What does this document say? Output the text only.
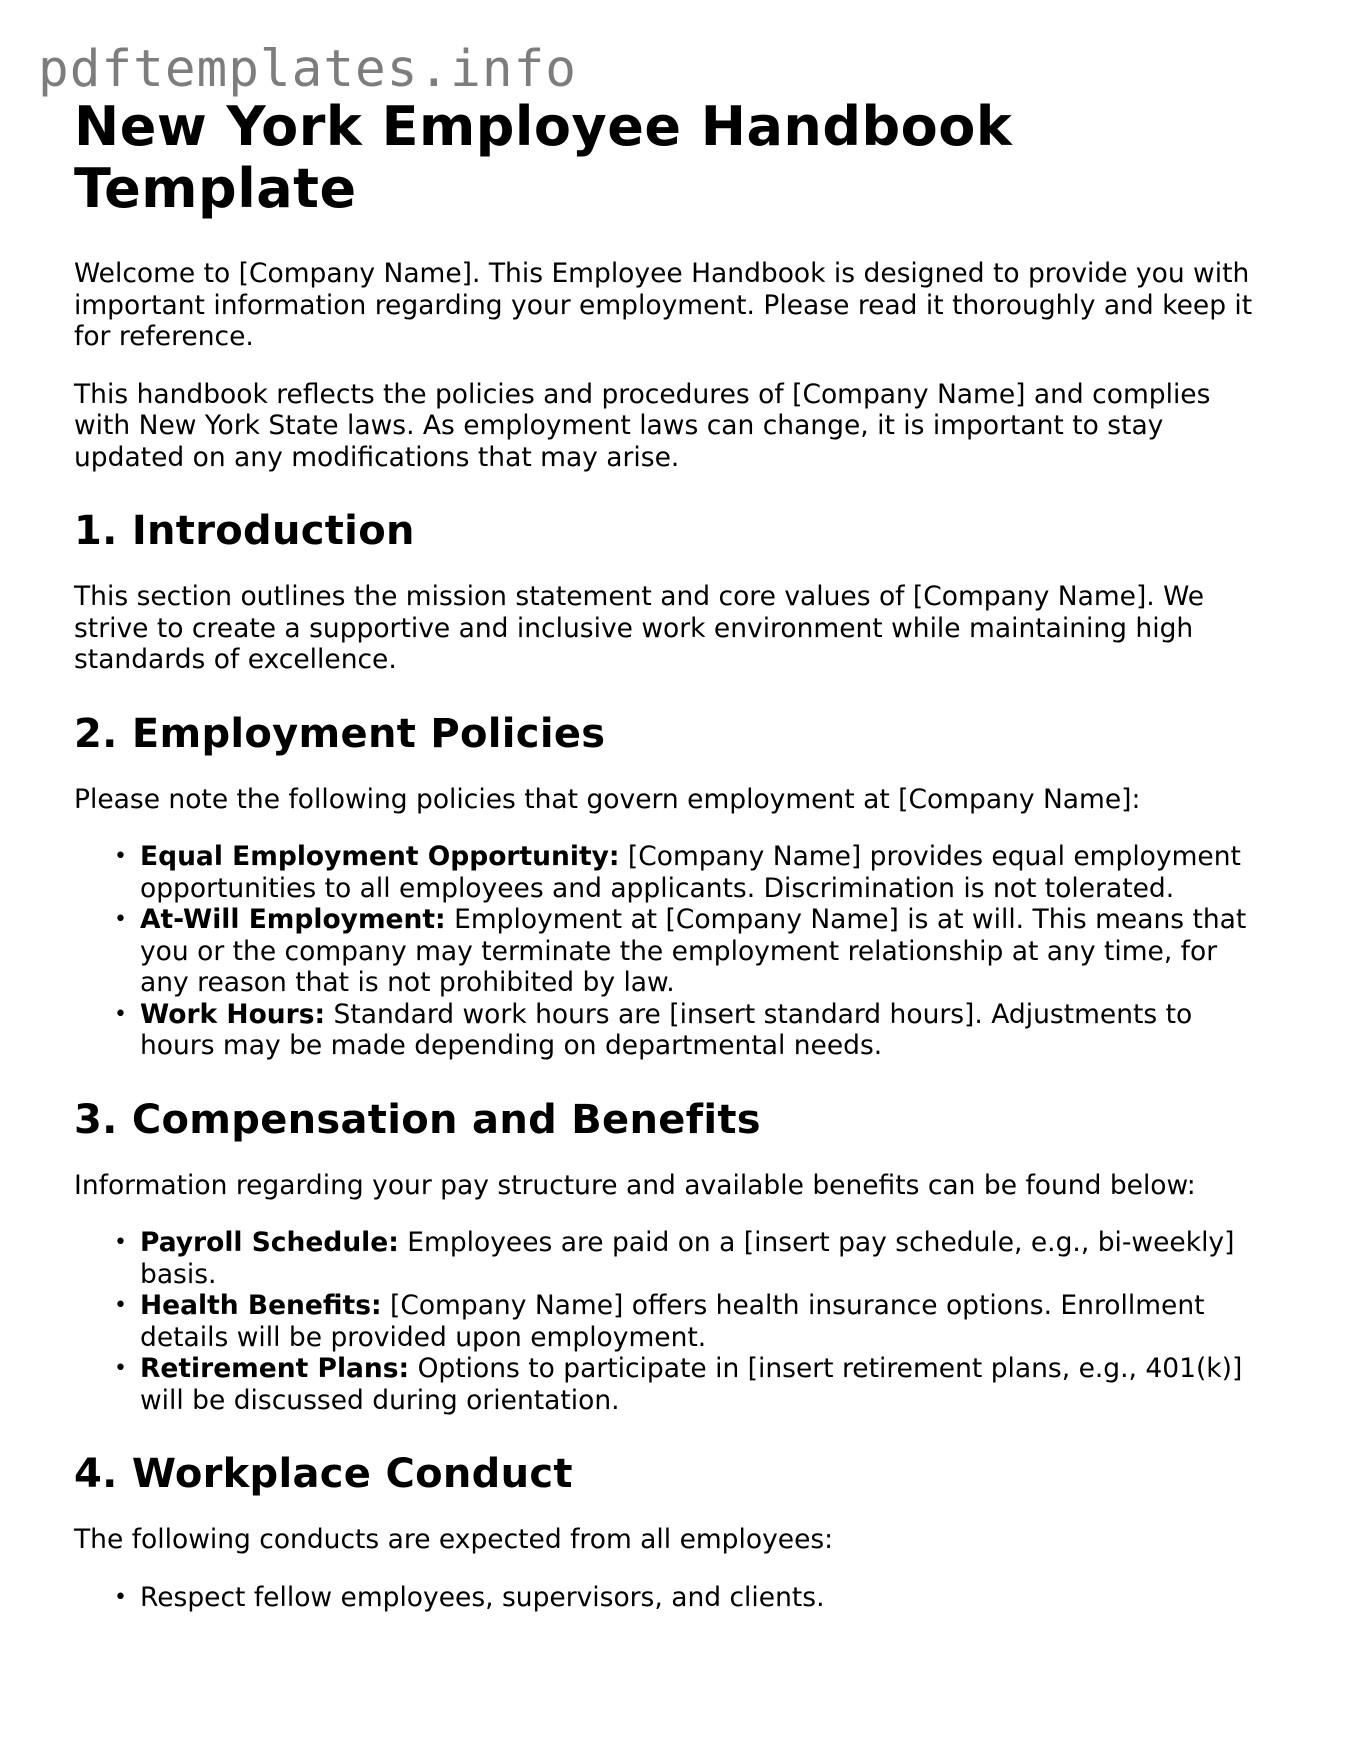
pdftemplates.info
New York Employee Handbook Template

Welcome to [Company Name]. This Employee Handbook is designed to provide you with important information regarding your employment. Please read it thoroughly and keep it for reference.

This handbook reflects the policies and procedures of [Company Name] and complies with New York State laws. As employment laws can change, it is important to stay updated on any modifications that may arise.

1. Introduction

This section outlines the mission statement and core values of [Company Name]. We strive to create a supportive and inclusive work environment while maintaining high standards of excellence.

2. Employment Policies

Please note the following policies that govern employment at [Company Name]:

• Equal Employment Opportunity: [Company Name] provides equal employment opportunities to all employees and applicants. Discrimination is not tolerated.
• At-Will Employment: Employment at [Company Name] is at will. This means that you or the company may terminate the employment relationship at any time, for any reason that is not prohibited by law.
• Work Hours: Standard work hours are [insert standard hours]. Adjustments to hours may be made depending on departmental needs.
3. Compensation and Benefits

Information regarding your pay structure and available benefits can be found below:

• Payroll Schedule: Employees are paid on a [insert pay schedule, e.g., bi-weekly] basis.
• Health Benefits: [Company Name] offers health insurance options. Enrollment details will be provided upon employment.
• Retirement Plans: Options to participate in [insert retirement plans, e.g., 401(k)] will be discussed during orientation.
4. Workplace Conduct

The following conducts are expected from all employees:

• Respect fellow employees, supervisors, and clients.
